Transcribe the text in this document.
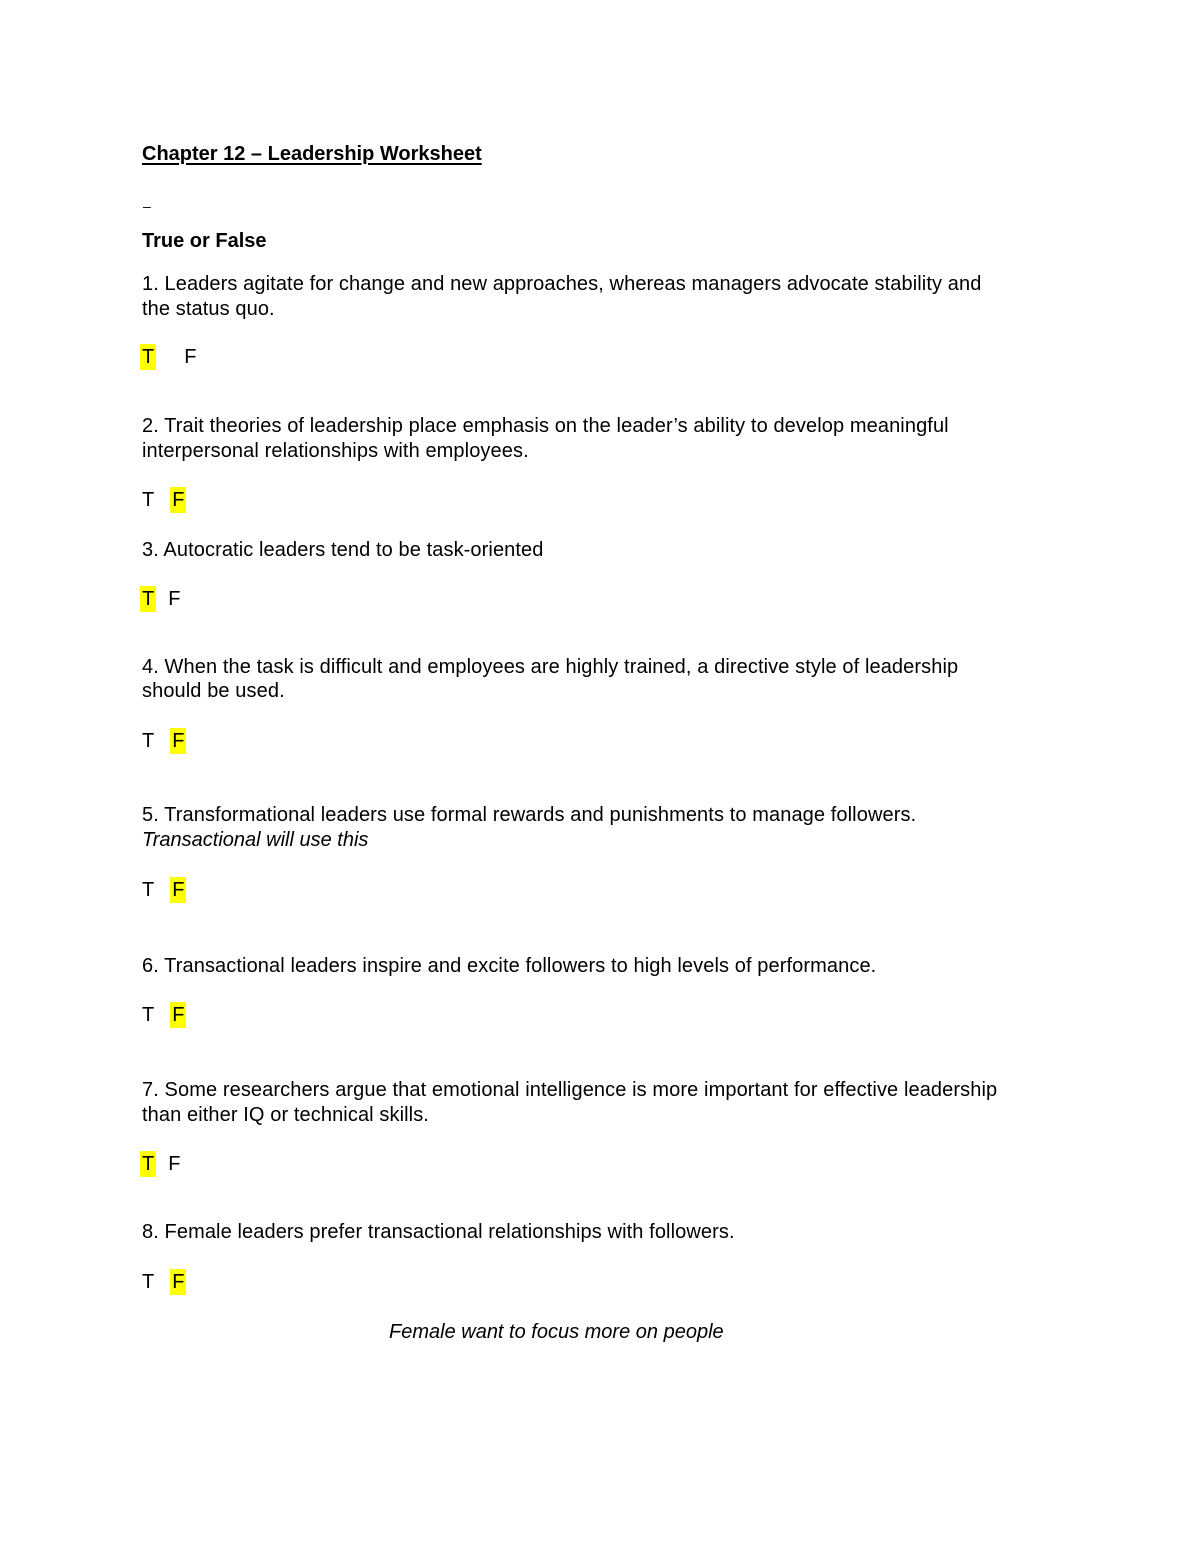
Chapter 12 – Leadership Worksheet
–
True or False
1. Leaders agitate for change and new approaches, whereas managers advocate stability and
the status quo.
T F
2. Trait theories of leadership place emphasis on the leader’s ability to develop meaningful
interpersonal relationships with employees.
T F
3. Autocratic leaders tend to be task-oriented
T F
4. When the task is difficult and employees are highly trained, a directive style of leadership
should be used.
T F
5. Transformational leaders use formal rewards and punishments to manage followers.
Transactional will use this
T F
6. Transactional leaders inspire and excite followers to high levels of performance.
T F
7. Some researchers argue that emotional intelligence is more important for effective leadership
than either IQ or technical skills.
T F
8. Female leaders prefer transactional relationships with followers.
T F
Female want to focus more on people
